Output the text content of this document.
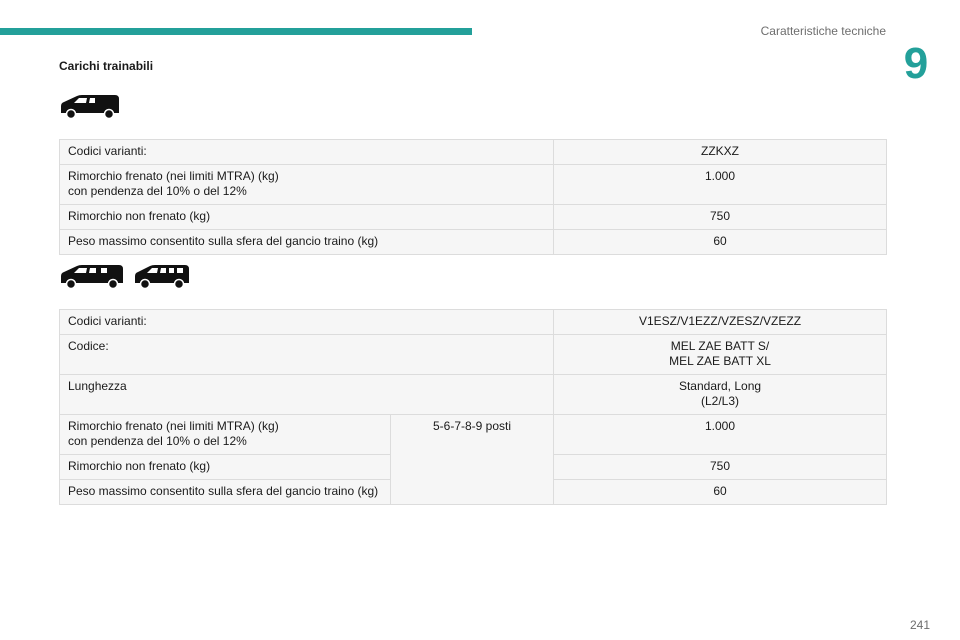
Caratteristiche tecniche
9
Carichi trainabili
Codici varianti:	ZZKXZ
Rimorchio frenato (nei limiti MTRA) (kg)
con pendenza del 10% o del 12%	1.000
Rimorchio non frenato (kg)	750
Peso massimo consentito sulla sfera del gancio traino (kg)	60
Codici varianti:		V1ESZ/V1EZZ/VZESZ/VZEZZ
Codice:		MEL ZAE BATT S/
MEL ZAE BATT XL
Lunghezza		Standard, Long
(L2/L3)
Rimorchio frenato (nei limiti MTRA) (kg)
con pendenza del 10% o del 12%	5-6-7-8-9 posti	1.000
Rimorchio non frenato (kg)		750
Peso massimo consentito sulla sfera del gancio traino (kg)		60
241
